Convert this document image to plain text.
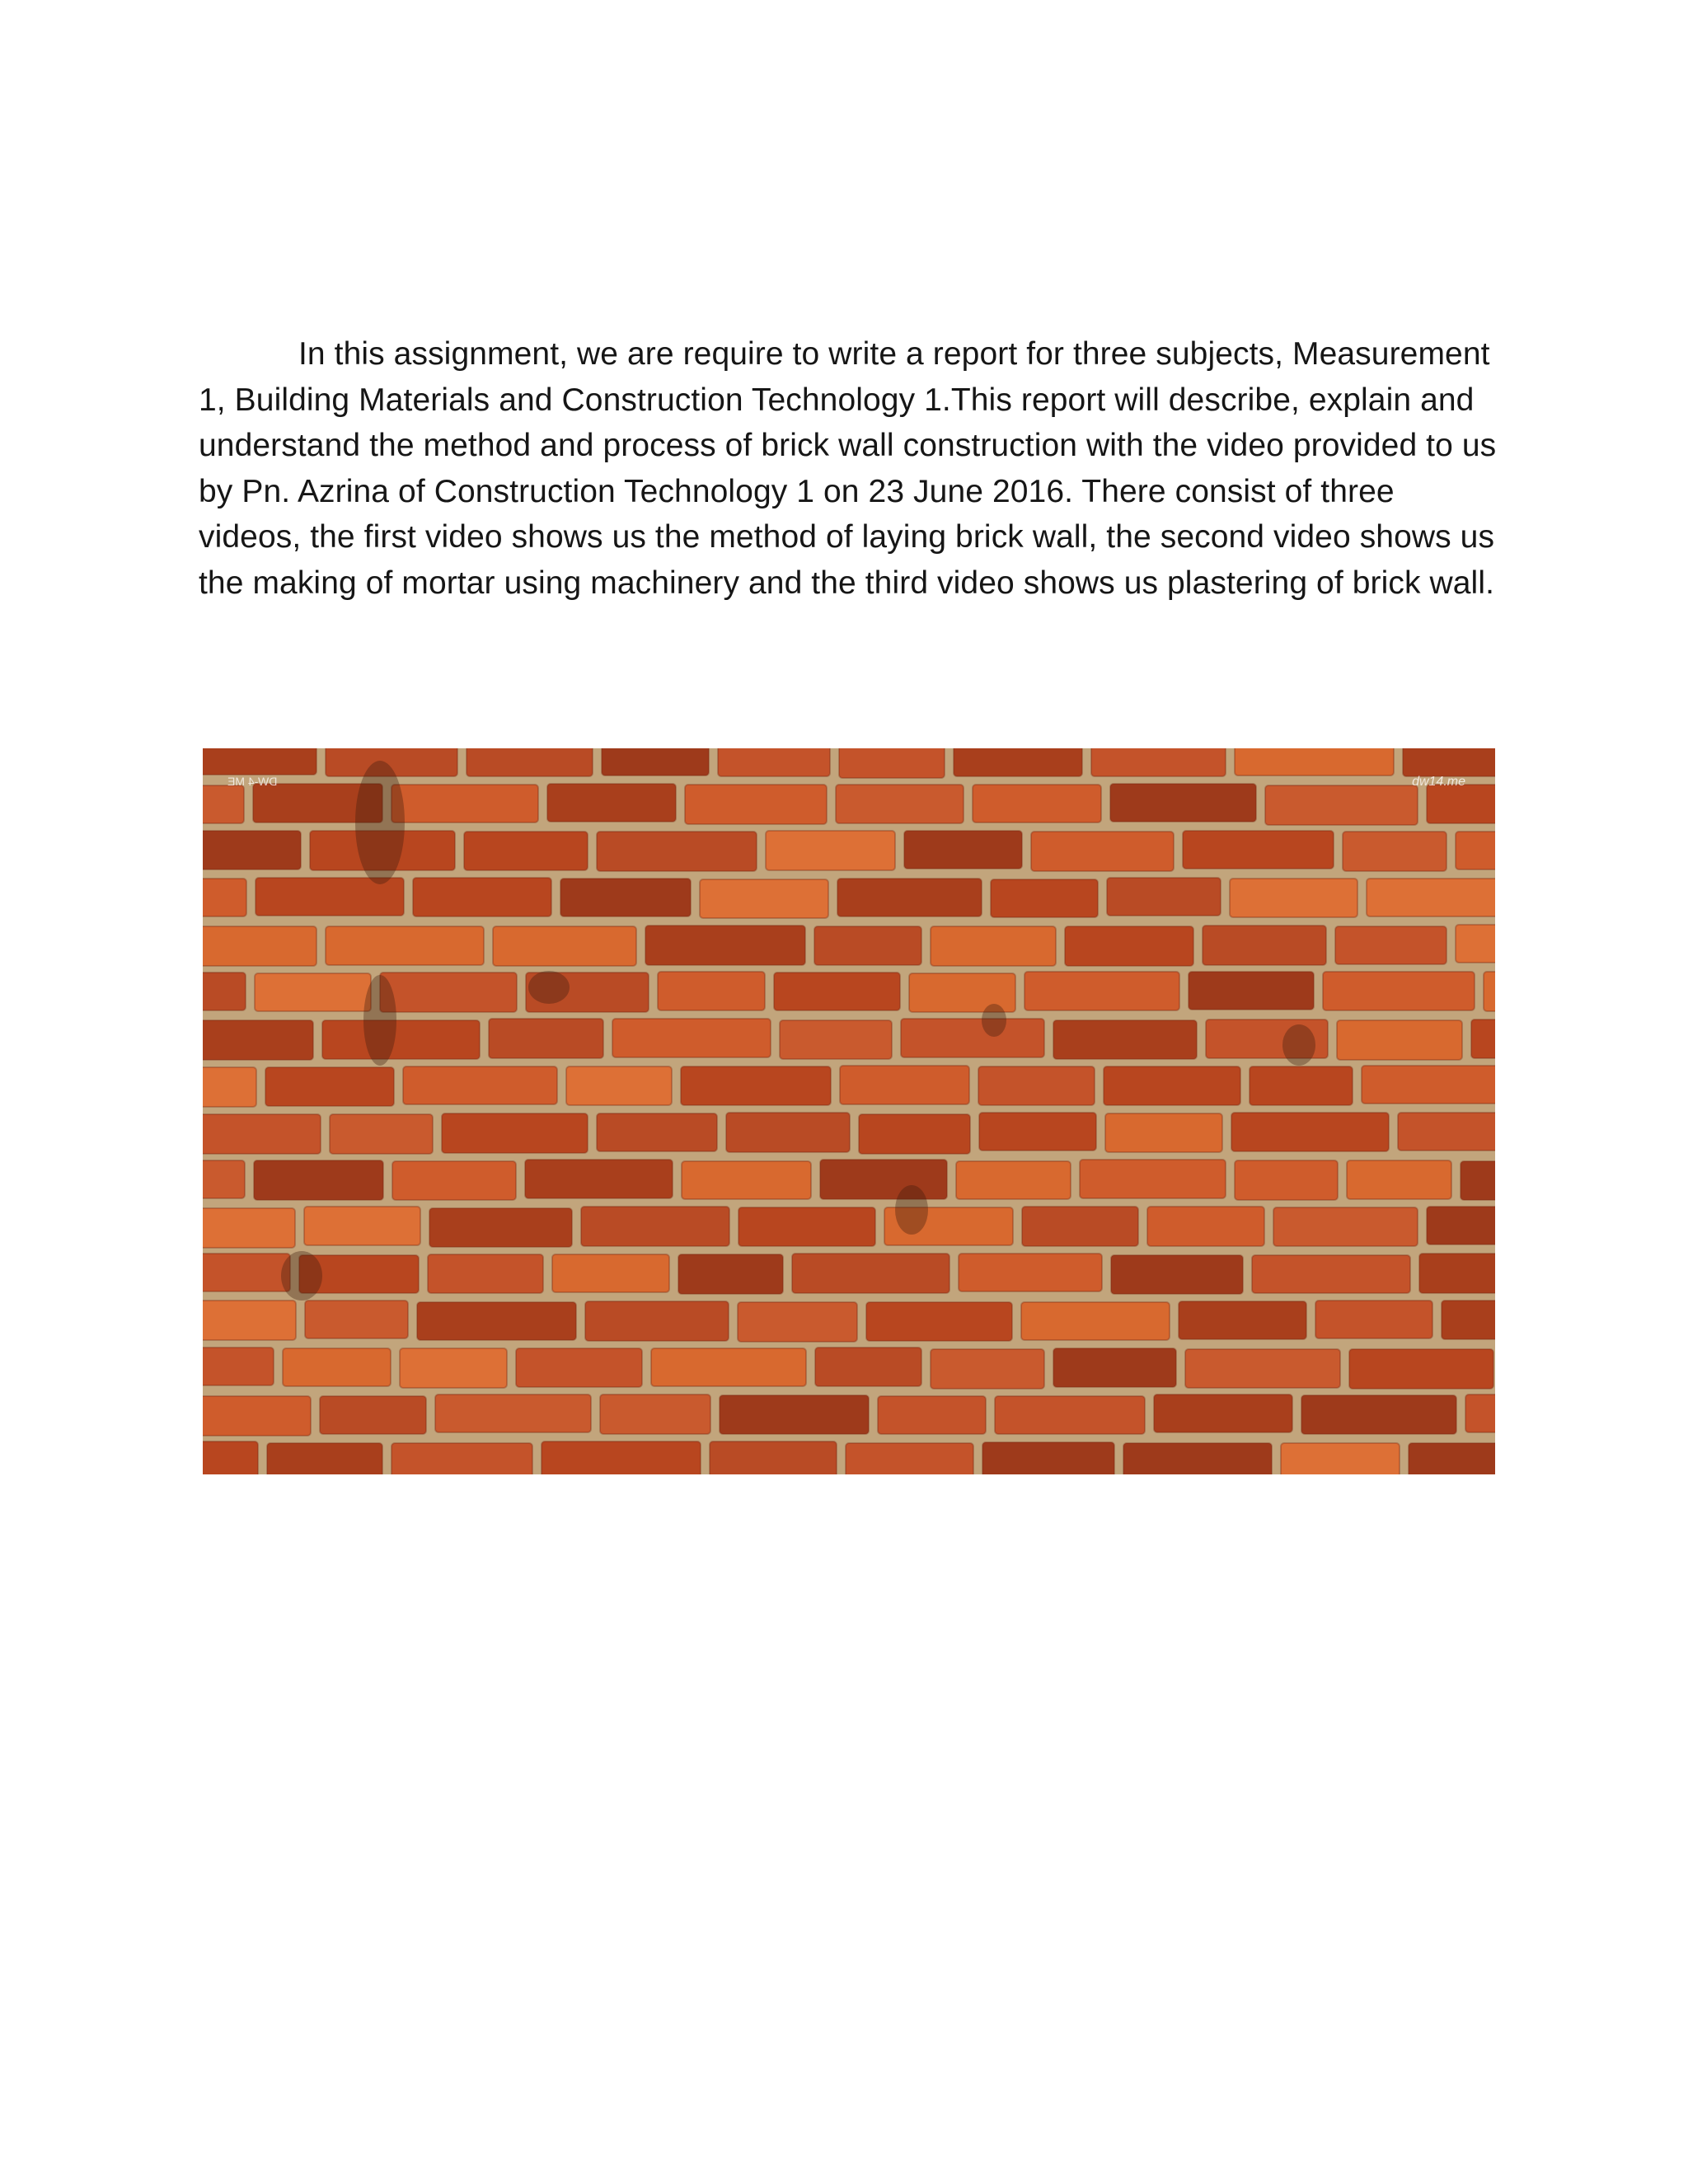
In this assignment, we are require to write a report for three subjects, Measurement 1, Building Materials and Construction Technology 1.This report will describe, explain and understand the method and process of brick wall construction with the video provided to us by Pn. Azrina of Construction Technology 1 on 23 June 2016. There consist of three videos, the first video shows us the method of laying brick wall, the second video shows us the making of mortar using machinery and the third video shows us plastering of brick wall.

DW-4 ME	dw14.me
